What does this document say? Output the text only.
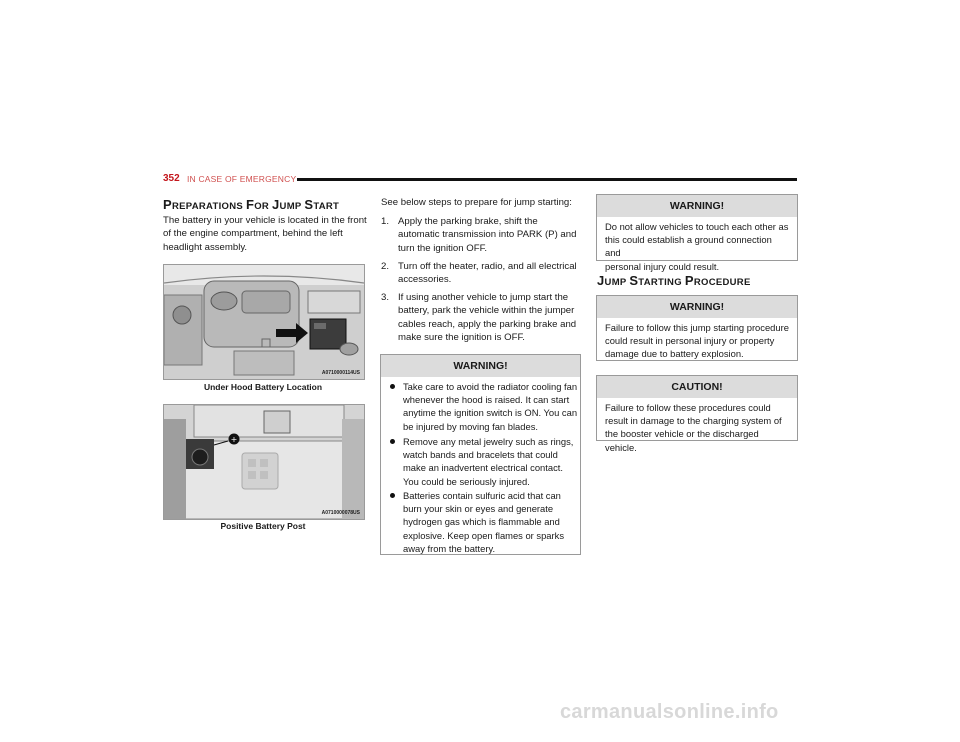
352 IN CASE OF EMERGENCY
PREPARATIONS FOR JUMP START
The battery in your vehicle is located in the front
of the engine compartment, behind the left
headlight assembly.
A0710000114US
Under Hood Battery Location
+
A0710000078US
Positive Battery Post
See below steps to prepare for jump starting:
1. Apply the parking brake, shift the
automatic transmission into PARK (P) and
turn the ignition OFF.
2. Turn off the heater, radio, and all electrical
accessories.
3. If using another vehicle to jump start the
battery, park the vehicle within the jumper
cables reach, apply the parking brake and
make sure the ignition is OFF.
WARNING!
Take care to avoid the radiator cooling fan
whenever the hood is raised. It can start
anytime the ignition switch is ON. You can
be injured by moving fan blades.
Remove any metal jewelry such as rings,
watch bands and bracelets that could
make an inadvertent electrical contact.
You could be seriously injured.
Batteries contain sulfuric acid that can
burn your skin or eyes and generate
hydrogen gas which is flammable and
explosive. Keep open flames or sparks
away from the battery.
WARNING!
Do not allow vehicles to touch each other as
this could establish a ground connection and
personal injury could result.
JUMP STARTING PROCEDURE
WARNING!
Failure to follow this jump starting procedure
could result in personal injury or property
damage due to battery explosion.
CAUTION!
Failure to follow these procedures could
result in damage to the charging system of
the booster vehicle or the discharged vehicle.
carmanualsonline.info
